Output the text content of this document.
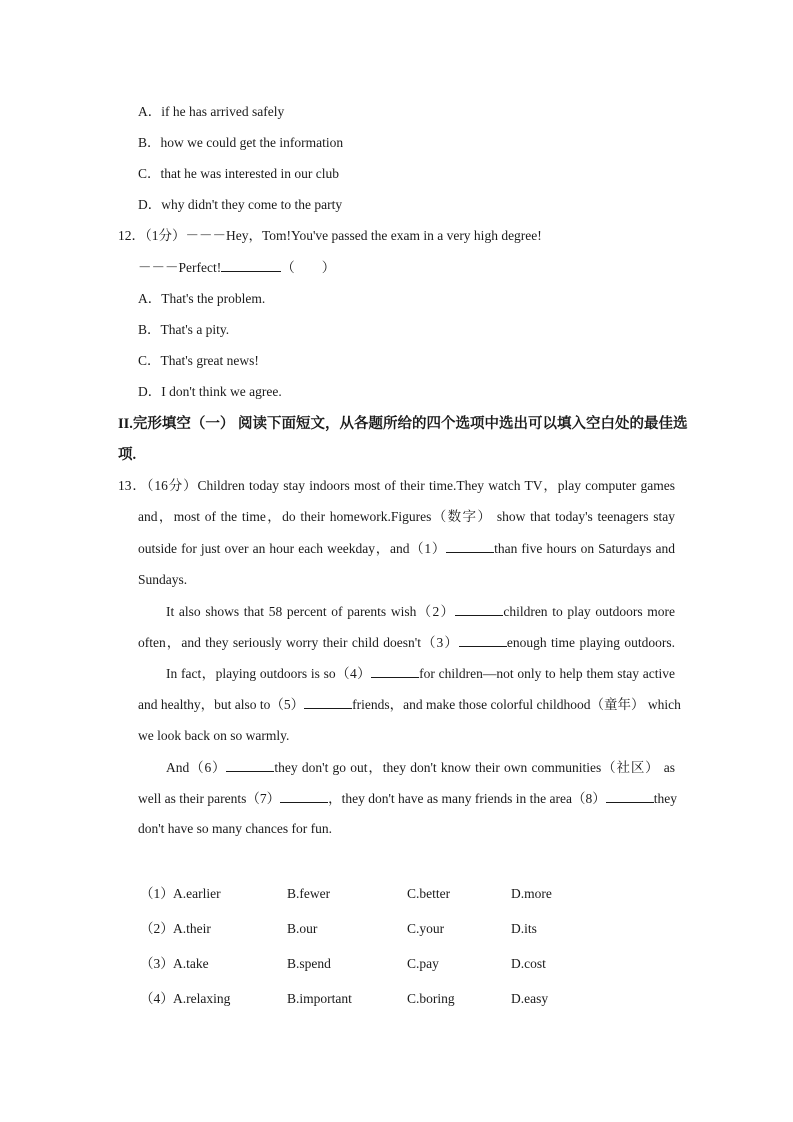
A．if he has arrived safely
B．how we could get the information
C．that he was interested in our club
D．why didn't they come to the party
12．（1分）－－－Hey，Tom!You've passed the exam in a very high degree!
－－－Perfect!	（　　）
A．That's the problem.
B．That's a pity.
C．That's great news!
D．I don't think we agree.
II.完形填空（一） 阅读下面短文，从各题所给的四个选项中选出可以填入空白处的最佳选
项.
13．（16分）Children today stay indoors most of their time.They watch TV，play computer games
and，most of the time，do their homework.Figures（数字） show that today's teenagers stay
outside for just over an hour each weekday，and（1）	than five hours on Saturdays and
Sundays.
It also shows that 58 percent of parents wish（2）	children to play outdoors more
often，and they seriously worry their child doesn't（3）	enough time playing outdoors.
In fact，playing outdoors is so（4）	for children—not only to help them stay active
and healthy，but also to（5）	friends，and make those colorful childhood（童年） which
we look back on so warmly.
And（6）	they don't go out，they don't know their own communities（社区） as
well as their parents（7）	，they don't have as many friends in the area（8）	they
don't have so many chances for fun.
（1） A.earlier	B.fewer	C.better	D.more
（2） A.their	B.our	C.your	D.its
（3） A.take	B.spend	C.pay	D.cost
（4） A.relaxing	B.important	C.boring	D.easy
